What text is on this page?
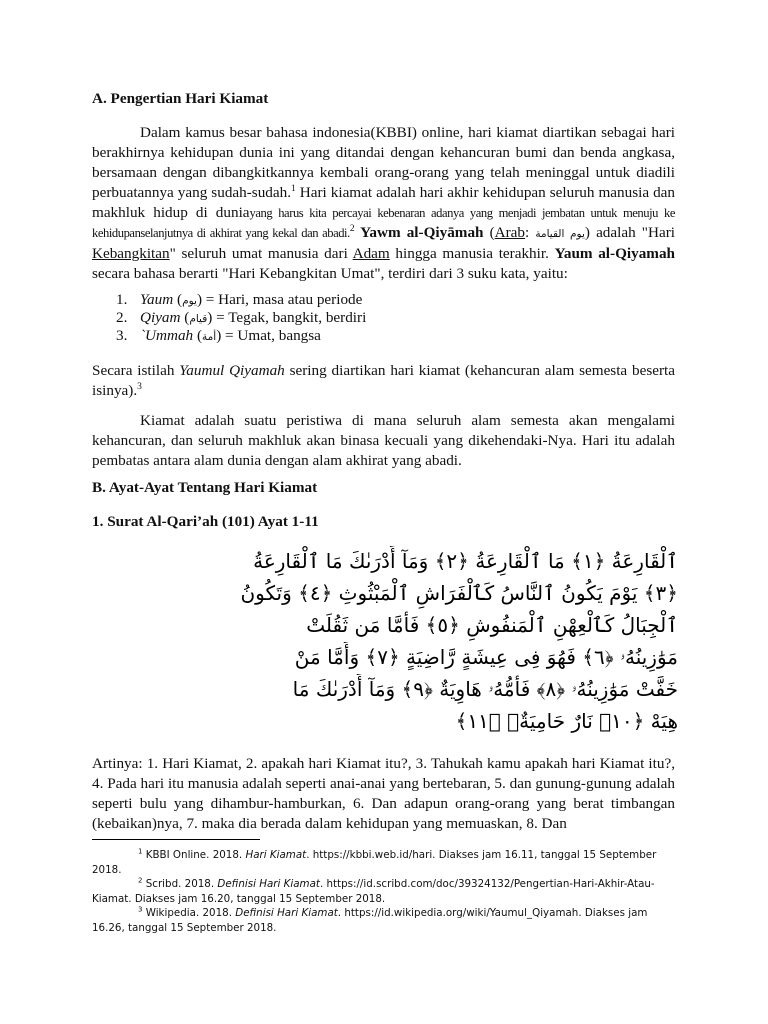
A. Pengertian Hari Kiamat

Dalam kamus besar bahasa indonesia(KBBI) online, hari kiamat diartikan sebagai hari berakhirnya kehidupan dunia ini yang ditandai dengan kehancuran bumi dan benda angkasa, bersamaan dengan dibangkitkannya kembali orang-orang yang telah meninggal untuk diadili perbuatannya yang sudah-sudah.$^1$ Hari kiamat adalah hari akhir kehidupan seluruh manusia dan makhluk hidup di duniayang harus kita percayai kebenaran adanya yang menjadi jembatan untuk menuju ke kehidupanselanjutnya di akhirat yang kekal dan abadi.$^2$ Yawm al-Qiyāmah (Arab: يوم القيامة) adalah "Hari Kebangkitan" seluruh umat manusia dari Adam hingga manusia terakhir. Yaum al-Qiyamah secara bahasa berarti "Hari Kebangkitan Umat", terdiri dari 3 suku kata, yaitu:

1. Yaum (يوم) = Hari, masa atau periode
2. Qiyam (قيام) = Tegak, bangkit, berdiri
3. `Ummah (أمة) = Umat, bangsa

Secara istilah Yaumul Qiyamah sering diartikan hari kiamat (kehancuran alam semesta beserta isinya).$^3$

Kiamat adalah suatu peristiwa di mana seluruh alam semesta akan mengalami kehancuran, dan seluruh makhluk akan binasa kecuali yang dikehendaki-Nya. Hari itu adalah pembatas antara alam dunia dengan alam akhirat yang abadi.

B. Ayat-Ayat Tentang Hari Kiamat
1. Surat Al-Qari’ah (101) Ayat 1-11
ٱلْقَارِعَةُ ﴿١﴾ مَا ٱلْقَارِعَةُ ﴿٢﴾ وَمَآ أَدْرَىٰكَ مَا ٱلْقَارِعَةُ
﴿٣﴾ يَوْمَ يَكُونُ ٱلنَّاسُ كَٱلْفَرَاشِ ٱلْمَبْثُوثِ ﴿٤﴾ وَتَكُونُ
ٱلْجِبَالُ كَٱلْعِهْنِ ٱلْمَنفُوشِ ﴿٥﴾ فَأَمَّا مَن ثَقُلَتْ
مَوَٰزِينُهُۥ ﴿٦﴾ فَهُوَ فِى عِيشَةٍ رَّاضِيَةٍ ﴿٧﴾ وَأَمَّا مَنْ
خَفَّتْ مَوَٰزِينُهُۥ ﴿٨﴾ فَأُمُّهُۥ هَاوِيَةٌ ﴿٩﴾ وَمَآ أَدْرَىٰكَ مَا
هِيَهْ ﴿١٠﴾ نَارٌ حَامِيَةٌۢ ﴿١١﴾

Artinya: 1. Hari Kiamat, 2. apakah hari Kiamat itu?, 3. Tahukah kamu apakah hari Kiamat itu?, 4. Pada hari itu manusia adalah seperti anai-anai yang bertebaran, 5. dan gunung-gunung adalah seperti bulu yang dihambur-hamburkan, 6. Dan adapun orang-orang yang berat timbangan (kebaikan)nya, 7. maka dia berada dalam kehidupan yang memuaskan, 8. Dan

$^1$ KBBI Online. 2018. Hari Kiamat. https://kbbi.web.id/hari. Diakses jam 16.11, tanggal 15 September 2018.

$^2$ Scribd. 2018. Definisi Hari Kiamat. https://id.scribd.com/doc/39324132/Pengertian-Hari-Akhir-Atau-Kiamat. Diakses jam 16.20, tanggal 15 September 2018.

$^3$ Wikipedia. 2018. Definisi Hari Kiamat. https://id.wikipedia.org/wiki/Yaumul_Qiyamah. Diakses jam 16.26, tanggal 15 September 2018.
